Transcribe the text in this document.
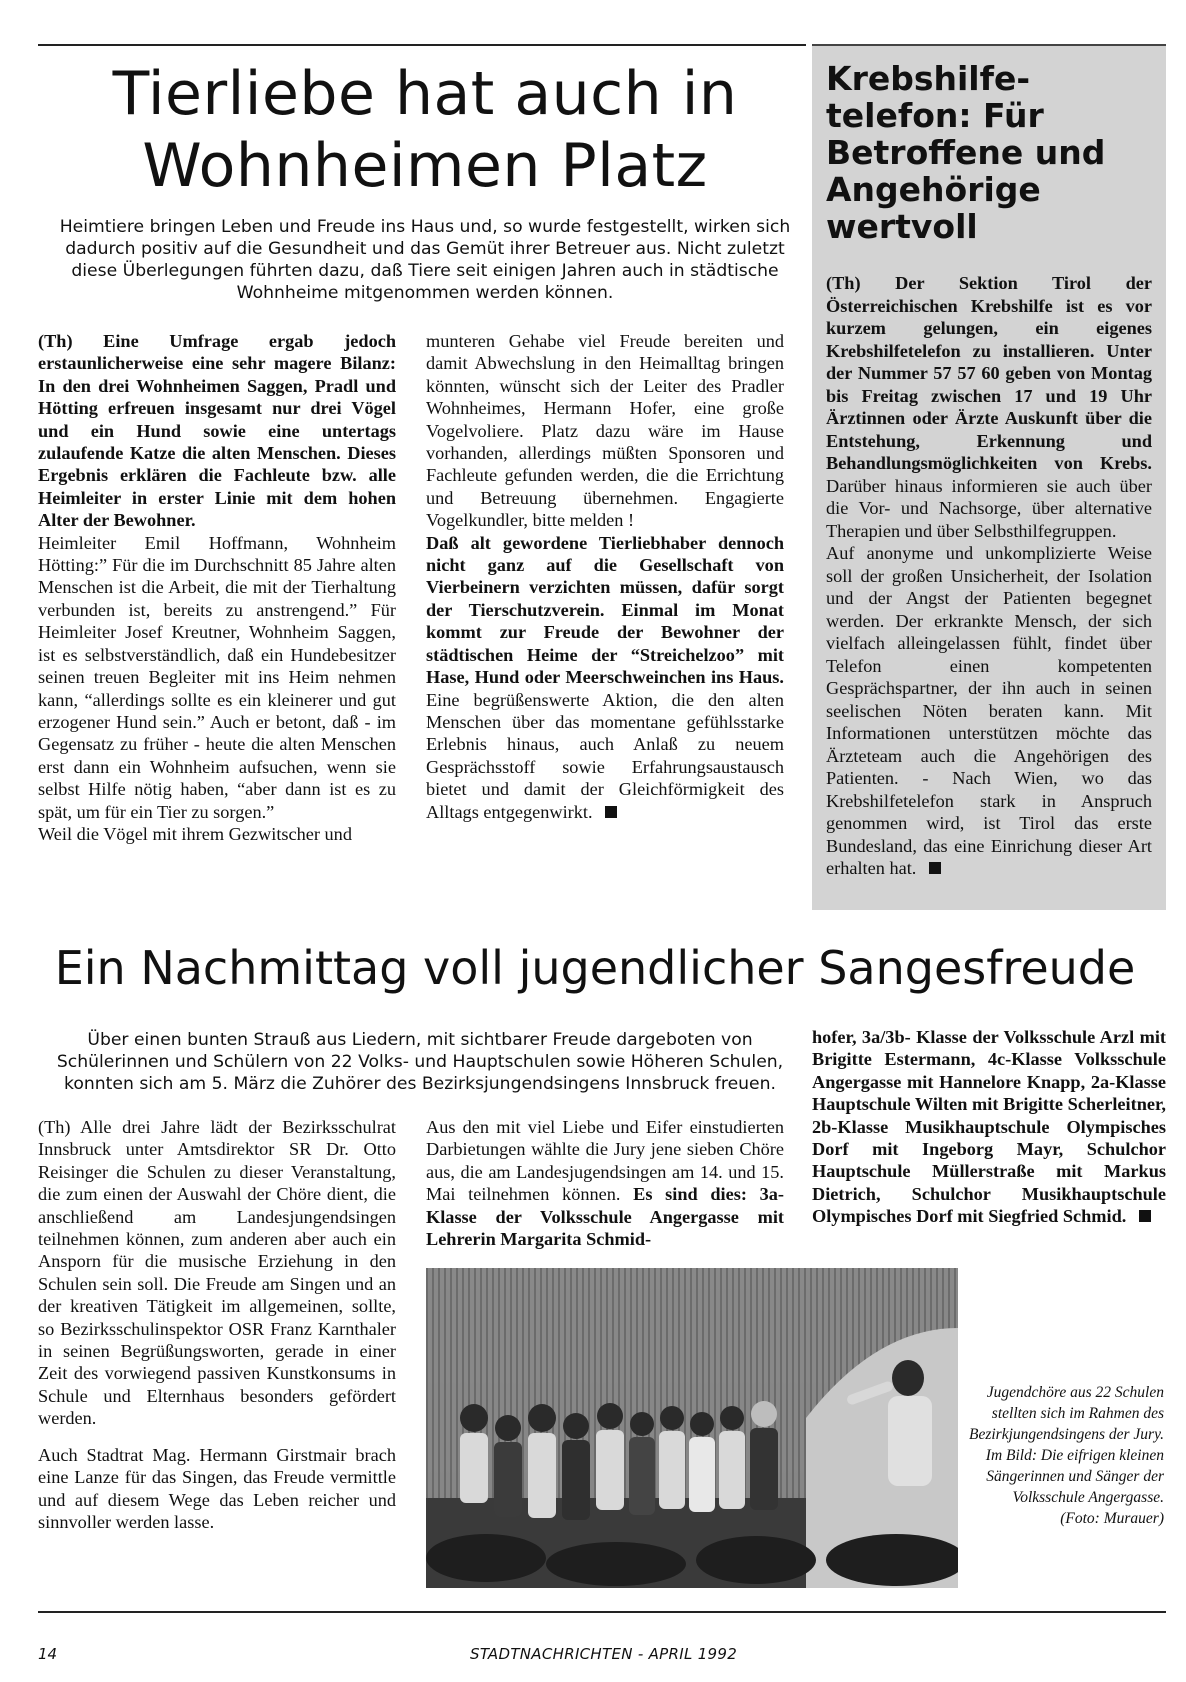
Tierliebe hat auch in
Wohnheimen Platz
Heimtiere bringen Leben und Freude ins Haus und, so wurde festgestellt, wirken sich dadurch positiv auf die Gesundheit und das Gemüt ihrer Betreuer aus. Nicht zuletzt diese Überlegungen führten dazu, daß Tiere seit einigen Jahren auch in städtische Wohnheime mitgenommen werden können.

(Th) Eine Umfrage ergab jedoch erstaunlicherweise eine sehr magere Bilanz: In den drei Wohnheimen Saggen, Pradl und Hötting erfreuen insgesamt nur drei Vögel und ein Hund sowie eine untertags zulaufende Katze die alten Menschen. Dieses Ergebnis erklären die Fachleute bzw. alle Heimleiter in erster Linie mit dem hohen Alter der Bewohner.

Heimleiter Emil Hoffmann, Wohnheim Hötting:” Für die im Durchschnitt 85 Jahre alten Menschen ist die Arbeit, die mit der Tierhaltung verbunden ist, bereits zu anstrengend.” Für Heimleiter Josef Kreutner, Wohnheim Saggen, ist es selbstverständlich, daß ein Hundebesitzer seinen treuen Begleiter mit ins Heim nehmen kann, “allerdings sollte es ein kleinerer und gut erzogener Hund sein.” Auch er betont, daß - im Gegensatz zu früher - heute die alten Menschen erst dann ein Wohnheim aufsuchen, wenn sie selbst Hilfe nötig haben, “aber dann ist es zu spät, um für ein Tier zu sorgen.”

Weil die Vögel mit ihrem Gezwitscher und

munteren Gehabe viel Freude bereiten und damit Abwechslung in den Heimalltag bringen könnten, wünscht sich der Leiter des Pradler Wohnheimes, Hermann Hofer, eine große Vogelvoliere. Platz dazu wäre im Hause vorhanden, allerdings müßten Sponsoren und Fachleute gefunden werden, die die Errichtung und Betreuung übernehmen. Engagierte Vogelkundler, bitte melden !

Daß alt gewordene Tierliebhaber dennoch nicht ganz auf die Gesellschaft von Vierbeinern verzichten müssen, dafür sorgt der Tierschutzverein. Einmal im Monat kommt zur Freude der Bewohner der städtischen Heime der “Streichelzoo” mit Hase, Hund oder Meerschweinchen ins Haus. Eine begrüßenswerte Aktion, die den alten Menschen über das momentane gefühlsstarke Erlebnis hinaus, auch Anlaß zu neuem Gesprächsstoff sowie Erfahrungsaustausch bietet und damit der Gleichförmigkeit des Alltags entgegenwirkt.

Krebshilfe-telefon: Für Betroffene und Angehörige wertvoll

(Th) Der Sektion Tirol der Österreichischen Krebshilfe ist es vor kurzem gelungen, ein eigenes Krebshilfetelefon zu installieren. Unter der Nummer 57 57 60 geben von Montag bis Freitag zwischen 17 und 19 Uhr Ärztinnen oder Ärzte Auskunft über die Entstehung, Erkennung und Behandlungsmöglichkeiten von Krebs. Darüber hinaus informieren sie auch über die Vor- und Nachsorge, über alternative Therapien und über Selbsthilfegruppen.

Auf anonyme und unkomplizierte Weise soll der großen Unsicherheit, der Isolation und der Angst der Patienten begegnet werden. Der erkrankte Mensch, der sich vielfach alleingelassen fühlt, findet über Telefon einen kompetenten Gesprächspartner, der ihn auch in seinen seelischen Nöten beraten kann. Mit Informationen unterstützen möchte das Ärzteteam auch die Angehörigen des Patienten. - Nach Wien, wo das Krebshilfetelefon stark in Anspruch genommen wird, ist Tirol das erste Bundesland, das eine Einrichung dieser Art erhalten hat.

Ein Nachmittag voll jugendlicher Sangesfreude
Über einen bunten Strauß aus Liedern, mit sichtbarer Freude dargeboten von Schülerinnen und Schülern von 22 Volks- und Hauptschulen sowie Höheren Schulen, konnten sich am 5. März die Zuhörer des Bezirksjungendsingens Innsbruck freuen.

(Th) Alle drei Jahre lädt der Bezirksschulrat Innsbruck unter Amtsdirektor SR Dr. Otto Reisinger die Schulen zu dieser Veranstaltung, die zum einen der Auswahl der Chöre dient, die anschließend am Landesjungendsingen teilnehmen können, zum anderen aber auch ein Ansporn für die musische Erziehung in den Schulen sein soll. Die Freude am Singen und an der kreativen Tätigkeit im allgemeinen, sollte, so Bezirksschulinspektor OSR Franz Karnthaler in seinen Begrüßungsworten, gerade in einer Zeit des vorwiegend passiven Kunstkonsums in Schule und Elternhaus besonders gefördert werden.

Auch Stadtrat Mag. Hermann Girstmair brach eine Lanze für das Singen, das Freude vermittle und auf diesem Wege das Leben reicher und sinnvoller werden lasse.

Aus den mit viel Liebe und Eifer einstudierten Darbietungen wählte die Jury jene sieben Chöre aus, die am Landesjugendsingen am 14. und 15. Mai teilnehmen können. Es sind dies: 3a-Klasse der Volksschule Angergasse mit Lehrerin Margarita Schmid-

hofer, 3a/3b- Klasse der Volksschule Arzl mit Brigitte Estermann, 4c-Klasse Volksschule Angergasse mit Hannelore Knapp, 2a-Klasse Hauptschule Wilten mit Brigitte Scherleitner, 2b-Klasse Musikhauptschule Olympisches Dorf mit Ingeborg Mayr, Schulchor Hauptschule Müllerstraße mit Markus Dietrich, Schulchor Musikhauptschule Olympisches Dorf mit Siegfried Schmid.

Jugendchöre aus 22 Schulen stellten sich im Rahmen des Bezirkjungendsingens der Jury. Im Bild: Die eifrigen kleinen Sängerinnen und Sänger der Volksschule Angergasse.
(Foto: Murauer)
14	STADTNACHRICHTEN - APRIL 1992
